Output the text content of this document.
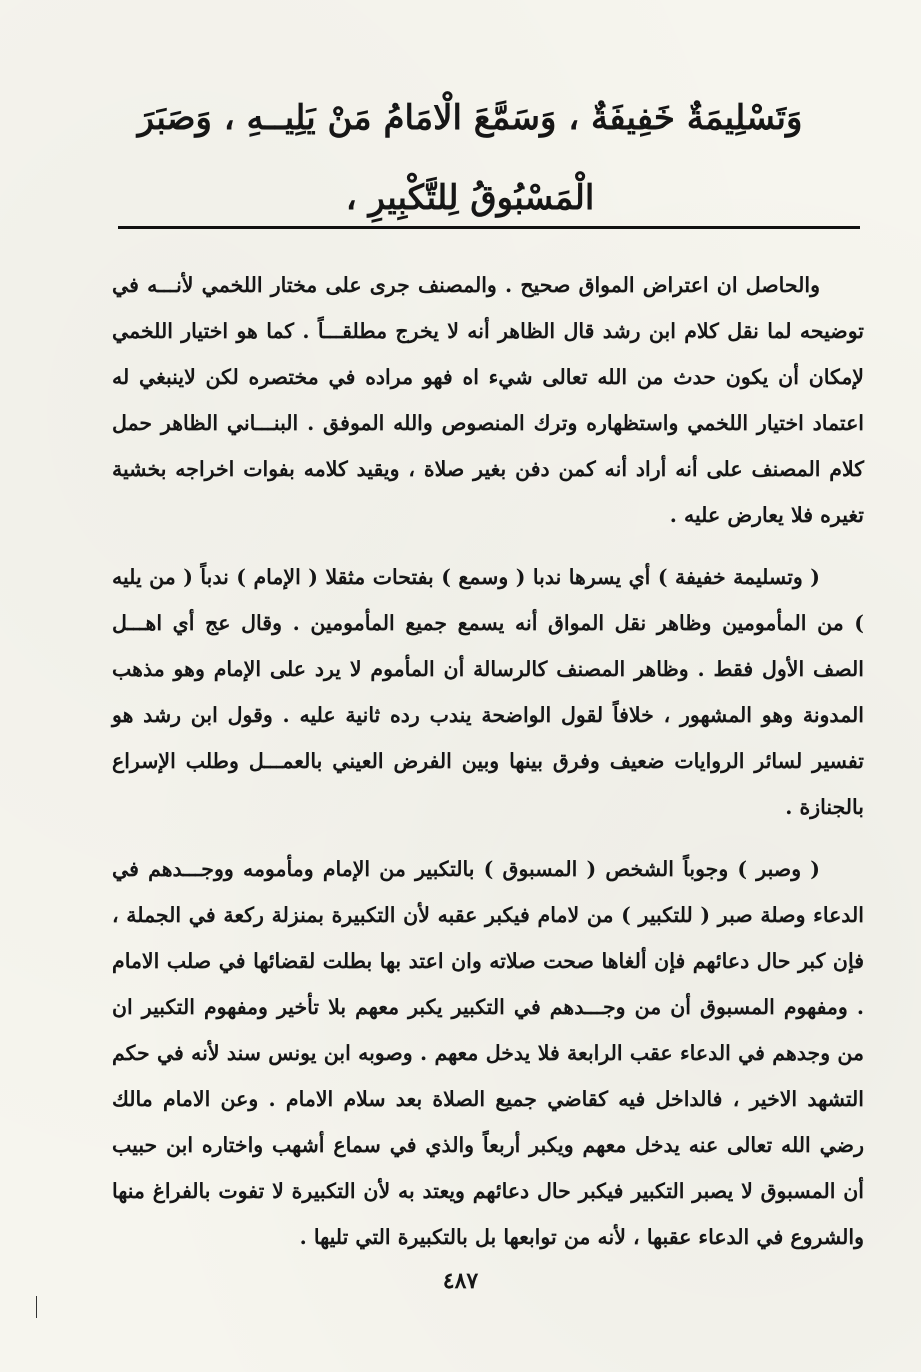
وَتَسْلِيمَةٌ خَفِيفَةٌ ، وَسَمَّعَ الْامَامُ مَنْ يَلِيــهِ ، وَصَبَرَ
الْمَسْبُوقُ لِلتَّكْبِيرِ ،

والحاصل ان اعتراض المواق صحيح . والمصنف جرى على مختار اللخمي لأنـــه في توضيحه لما نقل كلام ابن رشد قال الظاهر أنه لا يخرج مطلقـــاً . كما هو اختيار اللخمي لإمكان أن يكون حدث من الله تعالى شيء اه فهو مراده في مختصره لكن لاينبغي له اعتماد اختيار اللخمي واستظهاره وترك المنصوص والله الموفق . البنـــاني الظاهر حمل كلام المصنف على أنه أراد أنه كمن دفن بغير صلاة ، ويقيد كلامه بفوات اخراجه بخشية تغيره فلا يعارض عليه .

( وتسليمة خفيفة ) أي يسرها ندبا ( وسمع ) بفتحات مثقلا ( الإمام ) ندباً ( من يليه ) من المأمومين وظاهر نقل المواق أنه يسمع جميع المأمومين . وقال عج أي اهـــل الصف الأول فقط . وظاهر المصنف كالرسالة أن المأموم لا يرد على الإمام وهو مذهب المدونة وهو المشهور ، خلافاً لقول الواضحة يندب رده ثانية عليه . وقول ابن رشد هو تفسير لسائر الروايات ضعيف وفرق بينها وبين الفرض العيني بالعمـــل وطلب الإسراع بالجنازة .

( وصبر ) وجوباً الشخص ( المسبوق ) بالتكبير من الإمام ومأمومه ووجـــدهم في الدعاء وصلة صبر ( للتكبير ) من لامام فيكبر عقبه لأن التكبيرة بمنزلة ركعة في الجملة ، فإن كبر حال دعائهم فإن ألغاها صحت صلاته وان اعتد بها بطلت لقضائها في صلب الامام . ومفهوم المسبوق أن من وجـــدهم في التكبير يكبر معهم بلا تأخير ومفهوم التكبير ان من وجدهم في الدعاء عقب الرابعة فلا يدخل معهم . وصوبه ابن يونس سند لأنه في حكم التشهد الاخير ، فالداخل فيه كقاضي جميع الصلاة بعد سلام الامام . وعن الامام مالك رضي الله تعالى عنه يدخل معهم ويكبر أربعاً والذي في سماع أشهب واختاره ابن حبيب أن المسبوق لا يصبر التكبير فيكبر حال دعائهم ويعتد به لأن التكبيرة لا تفوت بالفراغ منها والشروع في الدعاء عقبها ، لأنه من توابعها بل بالتكبيرة التي تليها .

٤٨٧
